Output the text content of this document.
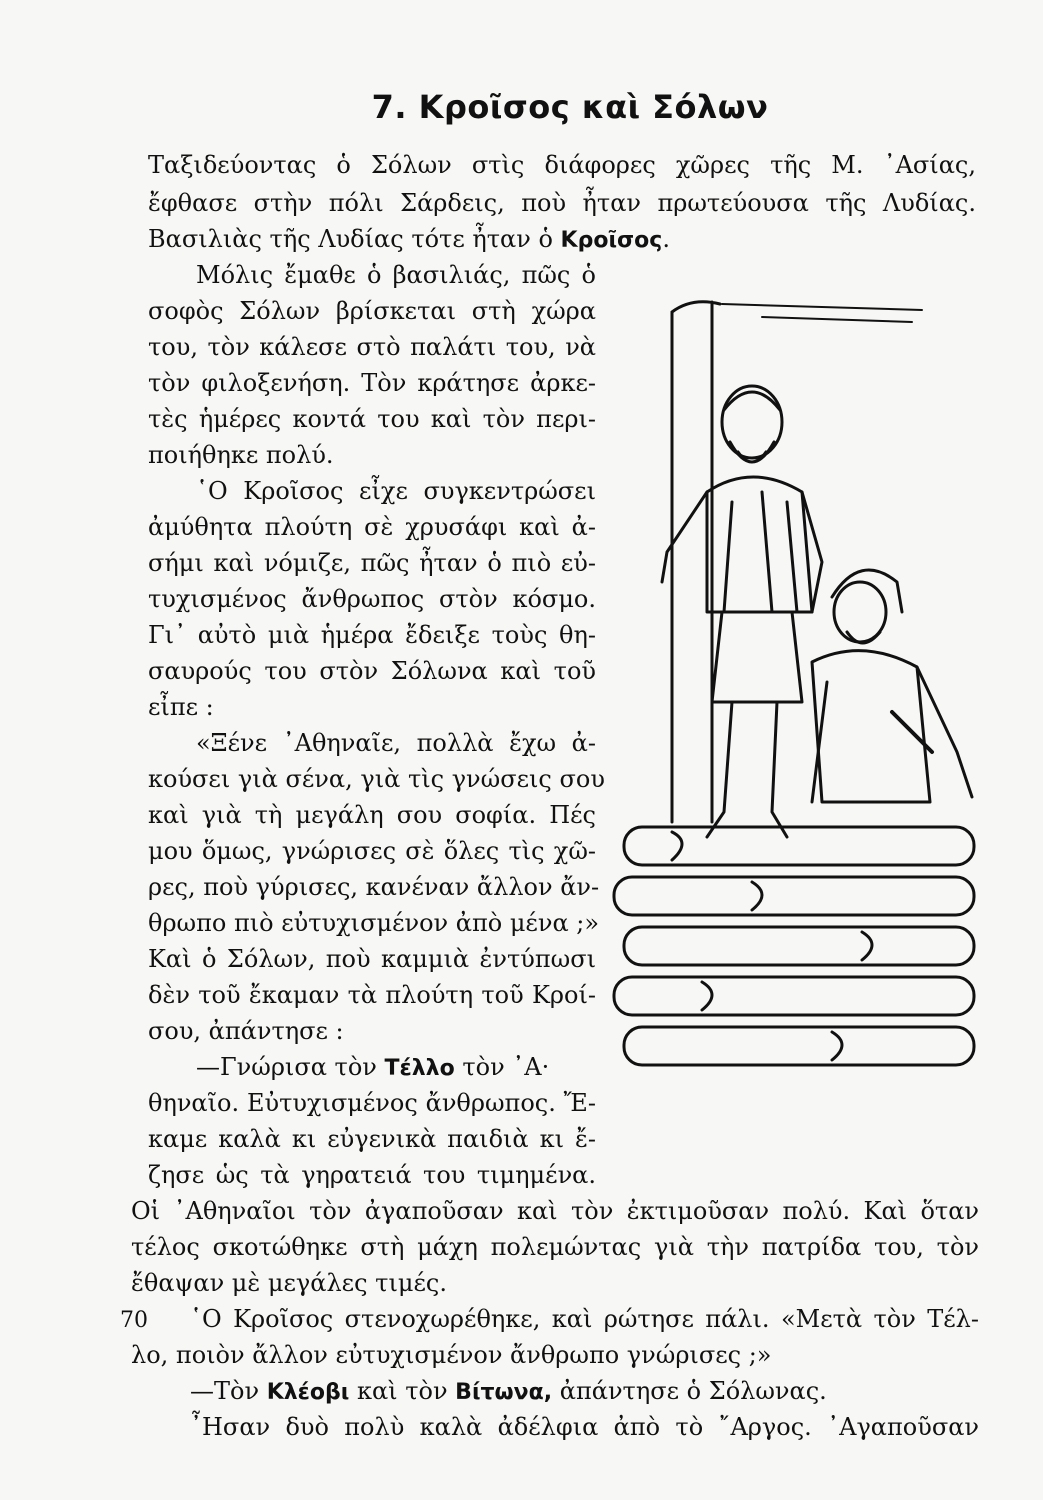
7. Κροῖσος καὶ Σόλων

Ταξιδεύοντας ὁ Σόλων στὶς διάφορες χῶρες τῆς Μ. ᾿Ασίας,

ἔφθασε στὴν πόλι Σάρδεις, ποὺ ἦταν πρωτεύουσα τῆς Λυδίας.

Βασιλιὰς τῆς Λυδίας τότε ἦταν ὁ Κροῖσος.

Μόλις ἔμαθε ὁ βασιλιάς, πῶς ὁ

σοφὸς Σόλων βρίσκεται στὴ χώρα

του, τὸν κάλεσε στὸ παλάτι του, νὰ

τὸν φιλοξενήση. Τὸν κράτησε ἀρκε-

τὲς ἡμέρες κοντά του καὶ τὸν περι-

ποιήθηκε πολύ.

῾Ο Κροῖσος εἶχε συγκεντρώσει

ἀμύθητα πλούτη σὲ χρυσάφι καὶ ἀ-

σήμι καὶ νόμιζε, πῶς ἦταν ὁ πιὸ εὐ-

τυχισμένος ἄνθρωπος στὸν κόσμο.

Γι᾿ αὐτὸ μιὰ ἡμέρα ἔδειξε τοὺς θη-

σαυρούς του στὸν Σόλωνα καὶ τοῦ

εἶπε :

«Ξένε ᾿Αθηναῖε, πολλὰ ἔχω ἀ-

κούσει γιὰ σένα, γιὰ τὶς γνώσεις σου

καὶ γιὰ τὴ μεγάλη σου σοφία. Πές

μου ὅμως, γνώρισες σὲ ὅλες τὶς χῶ-

ρες, ποὺ γύρισες, κανέναν ἄλλον ἄν-

θρωπο πιὸ εὐτυχισμένον ἀπὸ μένα ;»

Καὶ ὁ Σόλων, ποὺ καμμιὰ ἐντύπωσι

δὲν τοῦ ἔκαμαν τὰ πλούτη τοῦ Κροί-

σου, ἀπάντησε :

—Γνώρισα τὸν Τέλλο τὸν ᾿Α·

θηναῖο. Εὐτυχισμένος ἄνθρωπος. Ἔ-

καμε καλὰ κι εὐγενικὰ παιδιὰ κι ἔ-

ζησε ὡς τὰ γηρατειά του τιμημένα.

Οἱ ᾿Αθηναῖοι τὸν ἀγαποῦσαν καὶ τὸν ἐκτιμοῦσαν πολύ. Καὶ ὅταν

τέλος σκοτώθηκε στὴ μάχη πολεμώντας γιὰ τὴν πατρίδα του, τὸν

ἔθαψαν μὲ μεγάλες τιμές.

῾Ο Κροῖσος στενοχωρέθηκε, καὶ ρώτησε πάλι. «Μετὰ τὸν Τέλ-

λο, ποιὸν ἄλλον εὐτυχισμένον ἄνθρωπο γνώρισες ;»

—Τὸν Κλέοβι καὶ τὸν Βίτωνα, ἀπάντησε ὁ Σόλωνας.

῏Ησαν δυὸ πολὺ καλὰ ἀδέλφια ἀπὸ τὸ ῎Αργος. ᾿Αγαποῦσαν

70
